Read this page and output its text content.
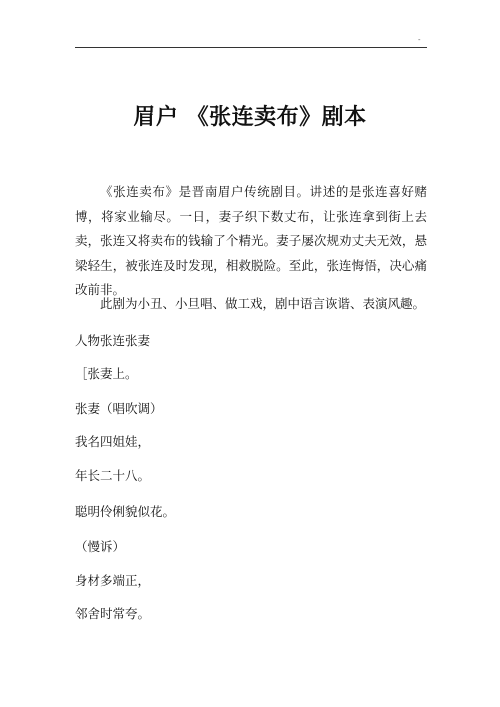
-
眉户 《张连卖布》剧本
《张连卖布》是晋南眉户传统剧目。讲述的是张连喜好赌博，将家业输尽。一日，妻子织下数丈布，让张连拿到街上去卖，张连又将卖布的钱输了个精光。妻子屡次规劝丈夫无效，悬梁轻生，被张连及时发现，相救脱险。至此，张连悔悟，决心痛改前非。
此剧为小丑、小旦唱、做工戏，剧中语言诙谐、表演风趣。
人物张连张妻
［张妻上。
张妻（唱吹调）
我名四姐娃，
年长二十八。
聪明伶俐貌似花。
（慢诉）
身材多端正，
邻舍时常夸。
